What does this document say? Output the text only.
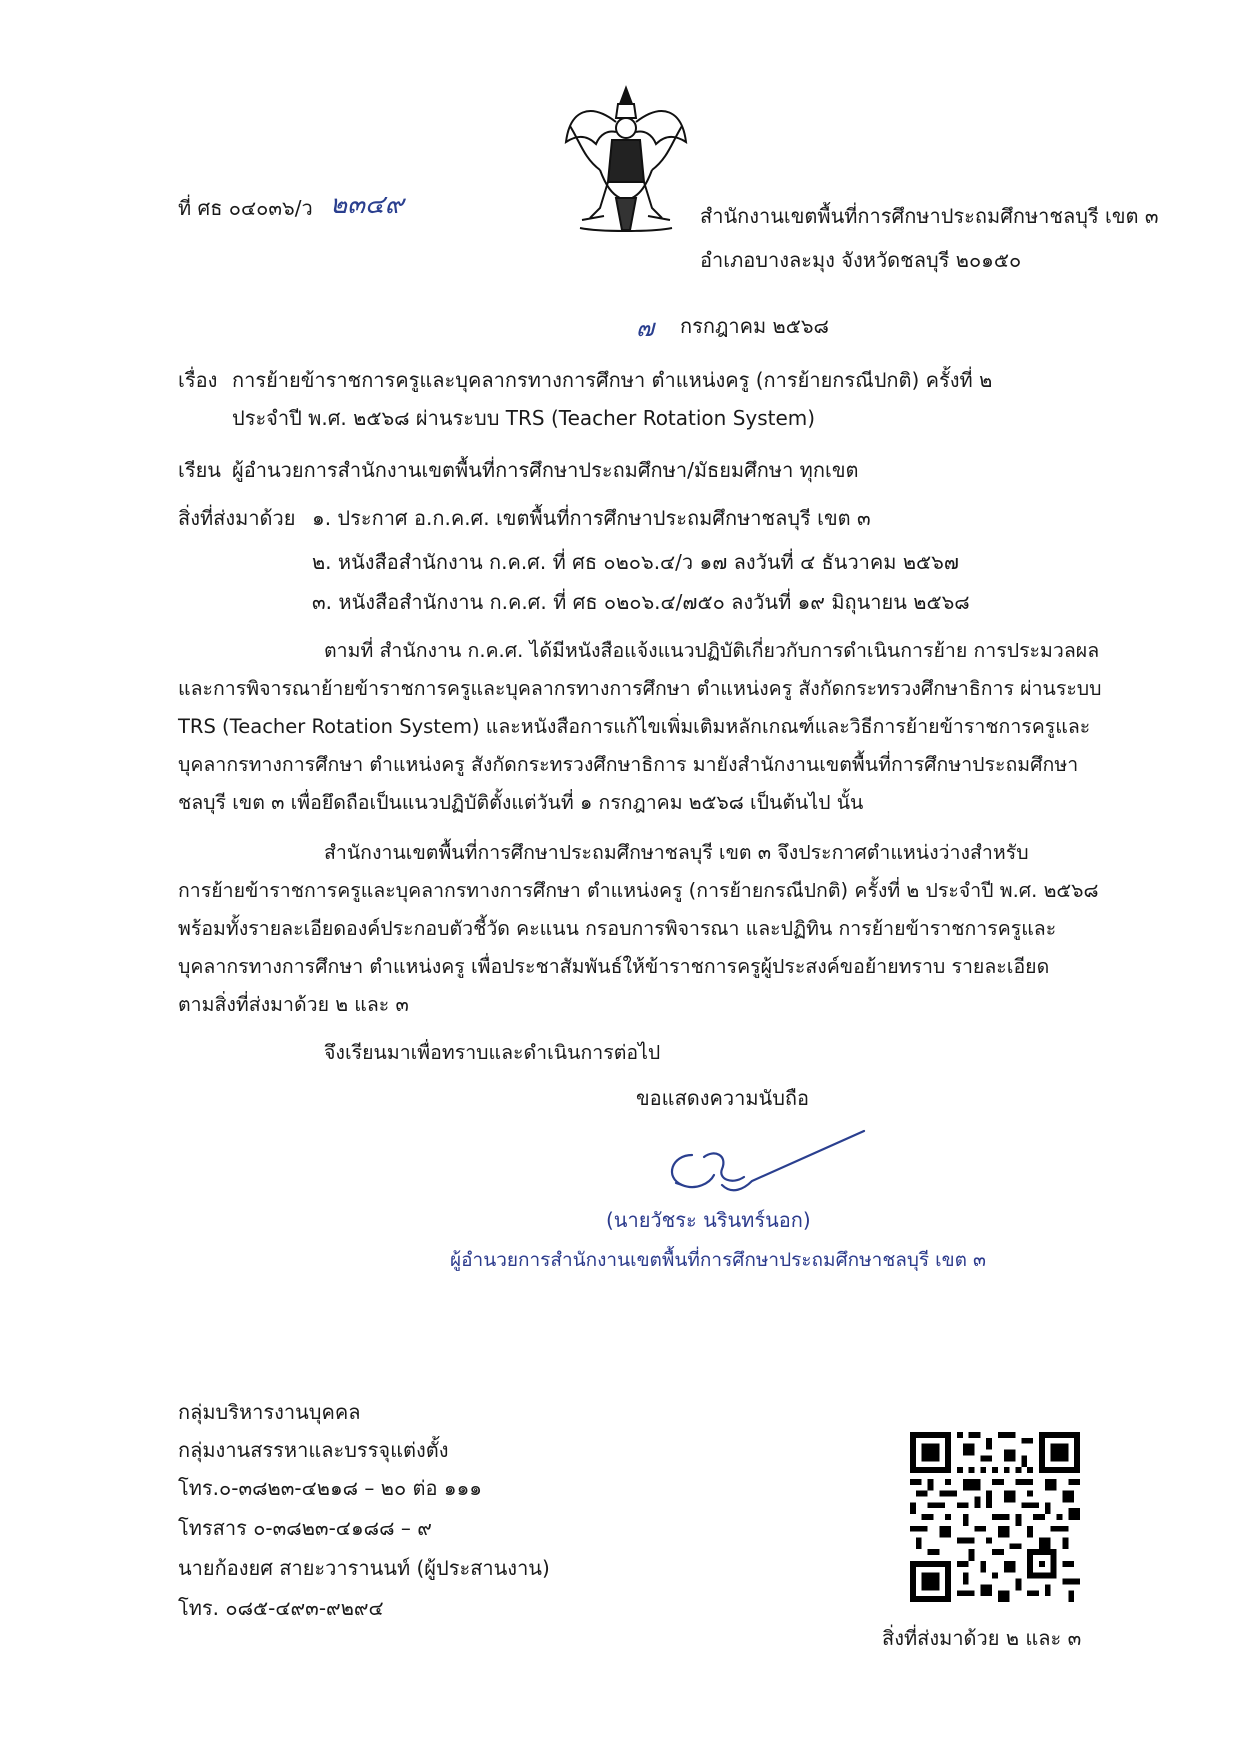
ที่ ศธ ๐๔๐๓๖/ว ๒๓๔๙	สำนักงานเขตพื้นที่การศึกษาประถมศึกษาชลบุรี เขต ๓
อำเภอบางละมุง จังหวัดชลบุรี ๒๐๑๕๐
๗ กรกฎาคม ๒๕๖๘
เรื่อง การย้ายข้าราชการครูและบุคลากรทางการศึกษา ตำแหน่งครู (การย้ายกรณีปกติ) ครั้งที่ ๒
ประจำปี พ.ศ. ๒๕๖๘ ผ่านระบบ TRS (Teacher Rotation System)
เรียน ผู้อำนวยการสำนักงานเขตพื้นที่การศึกษาประถมศึกษา/มัธยมศึกษา ทุกเขต
สิ่งที่ส่งมาด้วย ๑. ประกาศ อ.ก.ค.ศ. เขตพื้นที่การศึกษาประถมศึกษาชลบุรี เขต ๓
๒. หนังสือสำนักงาน ก.ค.ศ. ที่ ศธ ๐๒๐๖.๔/ว ๑๗ ลงวันที่ ๔ ธันวาคม ๒๕๖๗
๓. หนังสือสำนักงาน ก.ค.ศ. ที่ ศธ ๐๒๐๖.๔/๗๕๐ ลงวันที่ ๑๙ มิถุนายน ๒๕๖๘
ตามที่ สำนักงาน ก.ค.ศ. ได้มีหนังสือแจ้งแนวปฏิบัติเกี่ยวกับการดำเนินการย้าย การประมวลผล
และการพิจารณาย้ายข้าราชการครูและบุคลากรทางการศึกษา ตำแหน่งครู สังกัดกระทรวงศึกษาธิการ ผ่านระบบ
TRS (Teacher Rotation System) และหนังสือการแก้ไขเพิ่มเติมหลักเกณฑ์และวิธีการย้ายข้าราชการครูและ
บุคลากรทางการศึกษา ตำแหน่งครู สังกัดกระทรวงศึกษาธิการ มายังสำนักงานเขตพื้นที่การศึกษาประถมศึกษา
ชลบุรี เขต ๓ เพื่อยึดถือเป็นแนวปฏิบัติตั้งแต่วันที่ ๑ กรกฎาคม ๒๕๖๘ เป็นต้นไป นั้น
สำนักงานเขตพื้นที่การศึกษาประถมศึกษาชลบุรี เขต ๓ จึงประกาศตำแหน่งว่างสำหรับ
การย้ายข้าราชการครูและบุคลากรทางการศึกษา ตำแหน่งครู (การย้ายกรณีปกติ) ครั้งที่ ๒ ประจำปี พ.ศ. ๒๕๖๘
พร้อมทั้งรายละเอียดองค์ประกอบตัวชี้วัด คะแนน กรอบการพิจารณา และปฏิทิน การย้ายข้าราชการครูและ
บุคลากรทางการศึกษา ตำแหน่งครู เพื่อประชาสัมพันธ์ให้ข้าราชการครูผู้ประสงค์ขอย้ายทราบ รายละเอียด
ตามสิ่งที่ส่งมาด้วย ๒ และ ๓
จึงเรียนมาเพื่อทราบและดำเนินการต่อไป
ขอแสดงความนับถือ
(นายวัชระ นรินทร์นอก)
ผู้อำนวยการสำนักงานเขตพื้นที่การศึกษาประถมศึกษาชลบุรี เขต ๓
กลุ่มบริหารงานบุคคล
กลุ่มงานสรรหาและบรรจุแต่งตั้ง
โทร.๐-๓๘๒๓-๔๒๑๘ – ๒๐ ต่อ ๑๑๑
โทรสาร ๐-๓๘๒๓-๔๑๘๘ – ๙
นายก้องยศ สายะวารานนท์ (ผู้ประสานงาน)
โทร. ๐๘๕-๔๙๓-๙๒๙๔
สิ่งที่ส่งมาด้วย ๒ และ ๓
